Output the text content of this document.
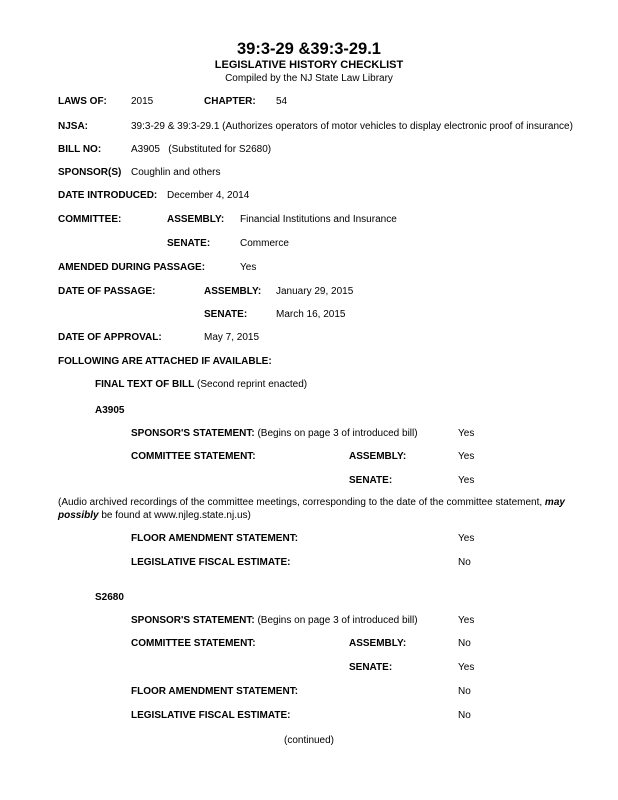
39:3-29 &39:3-29.1
LEGISLATIVE HISTORY CHECKLIST
Compiled by the NJ State Law Library
LAWS OF: 2015	CHAPTER: 54
NJSA:	39:3-29 & 39:3-29.1 (Authorizes operators of motor vehicles to display electronic proof of insurance)
BILL NO:	A3905   (Substituted for S2680)
SPONSOR(S) Coughlin and others
DATE INTRODUCED: December 4, 2014
COMMITTEE:	ASSEMBLY: Financial Institutions and Insurance
SENATE:	Commerce
AMENDED DURING PASSAGE:	Yes
DATE OF PASSAGE:	ASSEMBLY: January 29, 2015
SENATE:	March 16, 2015
DATE OF APPROVAL:	May 7, 2015
FOLLOWING ARE ATTACHED IF AVAILABLE:
FINAL TEXT OF BILL (Second reprint enacted)
A3905
SPONSOR'S STATEMENT: (Begins on page 3 of introduced bill)	Yes
COMMITTEE STATEMENT:	ASSEMBLY:	Yes
SENATE:	Yes
(Audio archived recordings of the committee meetings, corresponding to the date of the committee statement, may possibly be found at www.njleg.state.nj.us)
FLOOR AMENDMENT STATEMENT:	Yes
LEGISLATIVE FISCAL ESTIMATE:	No
S2680
SPONSOR'S STATEMENT: (Begins on page 3 of introduced bill)	Yes
COMMITTEE STATEMENT:	ASSEMBLY:	No
SENATE:	Yes
FLOOR AMENDMENT STATEMENT:	No
LEGISLATIVE FISCAL ESTIMATE:	No
(continued)
